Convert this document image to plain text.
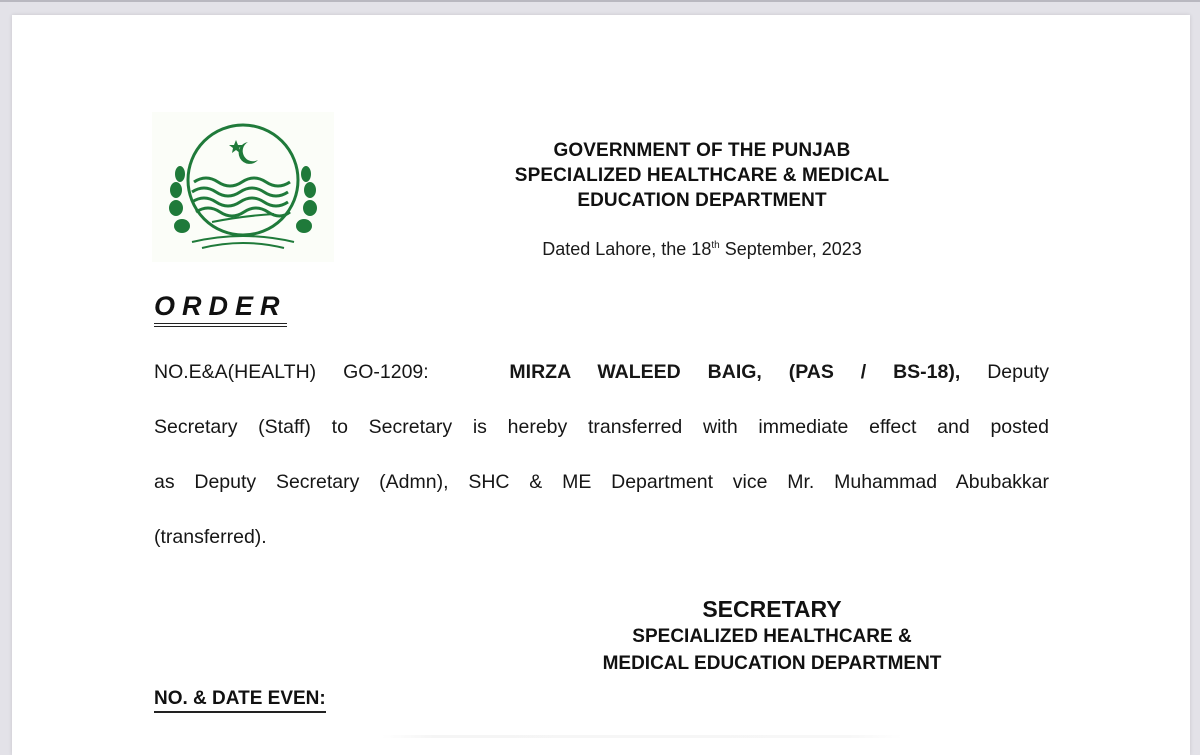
GOVERNMENT OF THE PUNJAB
SPECIALIZED HEALTHCARE & MEDICAL
EDUCATION DEPARTMENT
Dated Lahore, the 18th September, 2023
ORDER
NO.E&A(HEALTH) GO-1209:	MIRZA WALEED BAIG, (PAS / BS-18), Deputy
Secretary (Staff) to Secretary is hereby transferred with immediate effect and posted
as Deputy Secretary (Admn), SHC & ME Department vice Mr. Muhammad Abubakkar
(transferred).
SECRETARY
SPECIALIZED HEALTHCARE &
MEDICAL EDUCATION DEPARTMENT
NO. & DATE EVEN:
